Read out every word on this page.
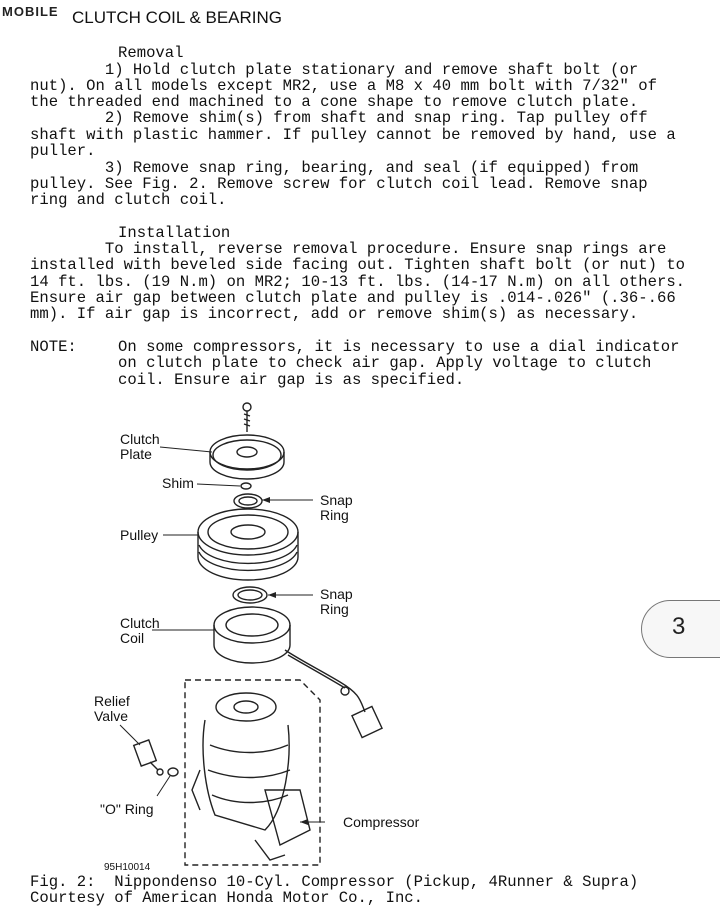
MOBILE CLUTCH COIL & BEARING
Removal
1) Hold clutch plate stationary and remove shaft bolt (or
nut). On all models except MR2, use a M8 x 40 mm bolt with 7/32" of
the threaded end machined to a cone shape to remove clutch plate.
2) Remove shim(s) from shaft and snap ring. Tap pulley off
shaft with plastic hammer. If pulley cannot be removed by hand, use a
puller.
3) Remove snap ring, bearing, and seal (if equipped) from
pulley. See Fig. 2. Remove screw for clutch coil lead. Remove snap
ring and clutch coil.
Installation
To install, reverse removal procedure. Ensure snap rings are
installed with beveled side facing out. Tighten shaft bolt (or nut) to
14 ft. lbs. (19 N.m) on MR2; 10-13 ft. lbs. (14-17 N.m) on all others.
Ensure air gap between clutch plate and pulley is .014-.026" (.36-.66
mm). If air gap is incorrect, add or remove shim(s) as necessary.
NOTE:	On some compressors, it is necessary to use a dial indicator
on clutch plate to check air gap. Apply voltage to clutch
coil. Ensure air gap is as specified.
Clutch
Plate
Shim
Snap
Ring
Pulley
Snap
Ring
Clutch
Coil
Relief
Valve
"O" Ring
Compressor
95H10014
Fig. 2:  Nippondenso 10-Cyl. Compressor (Pickup, 4Runner & Supra)
Courtesy of American Honda Motor Co., Inc.
3
